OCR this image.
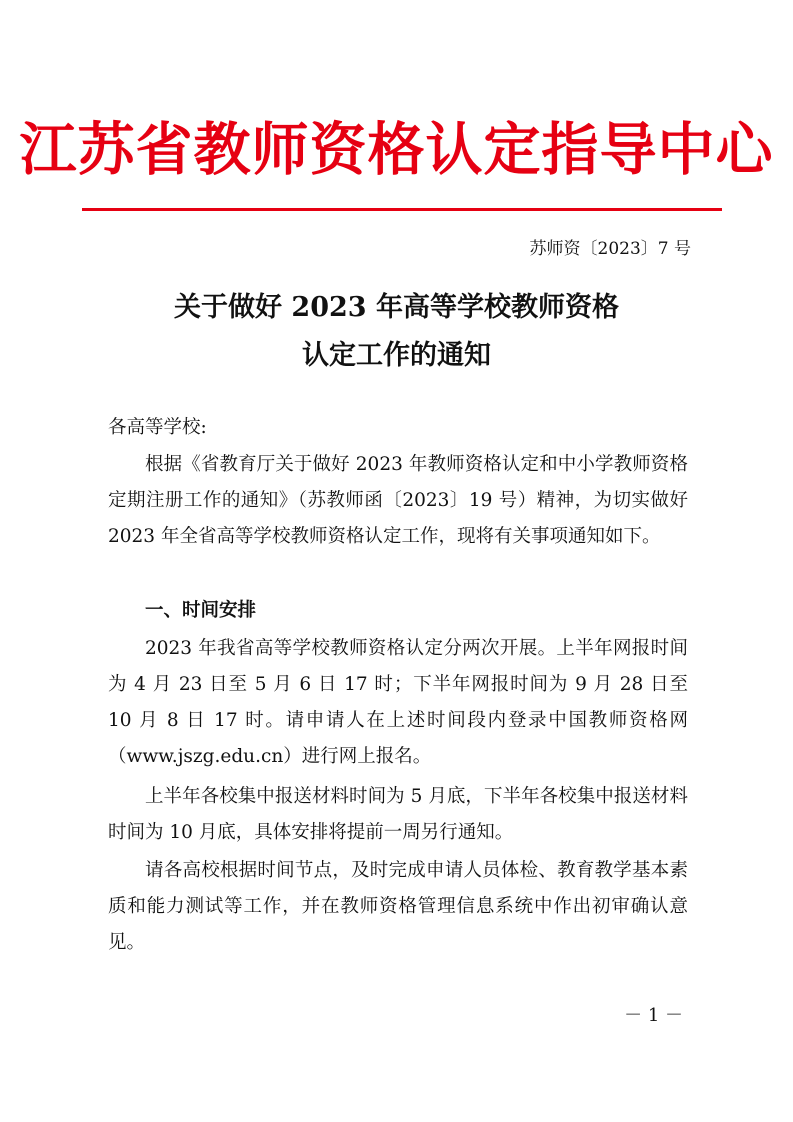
江苏省教师资格认定指导中心
苏师资〔2023〕7 号
关于做好 2023 年高等学校教师资格
认定工作的通知
各高等学校:
根据《省教育厅关于做好 2023 年教师资格认定和中小学教师资格定期注册工作的通知》（苏教师函〔2023〕19 号）精神，为切实做好 2023 年全省高等学校教师资格认定工作，现将有关事项通知如下。
一、时间安排
2023 年我省高等学校教师资格认定分两次开展。上半年网报时间为 4 月 23 日至 5 月 6 日 17 时；下半年网报时间为 9 月 28 日至 10 月 8 日 17 时。请申请人在上述时间段内登录中国教师资格网（www.jszg.edu.cn）进行网上报名。
上半年各校集中报送材料时间为 5 月底，下半年各校集中报送材料时间为 10 月底，具体安排将提前一周另行通知。
请各高校根据时间节点，及时完成申请人员体检、教育教学基本素质和能力测试等工作，并在教师资格管理信息系统中作出初审确认意见。
－ 1 －
